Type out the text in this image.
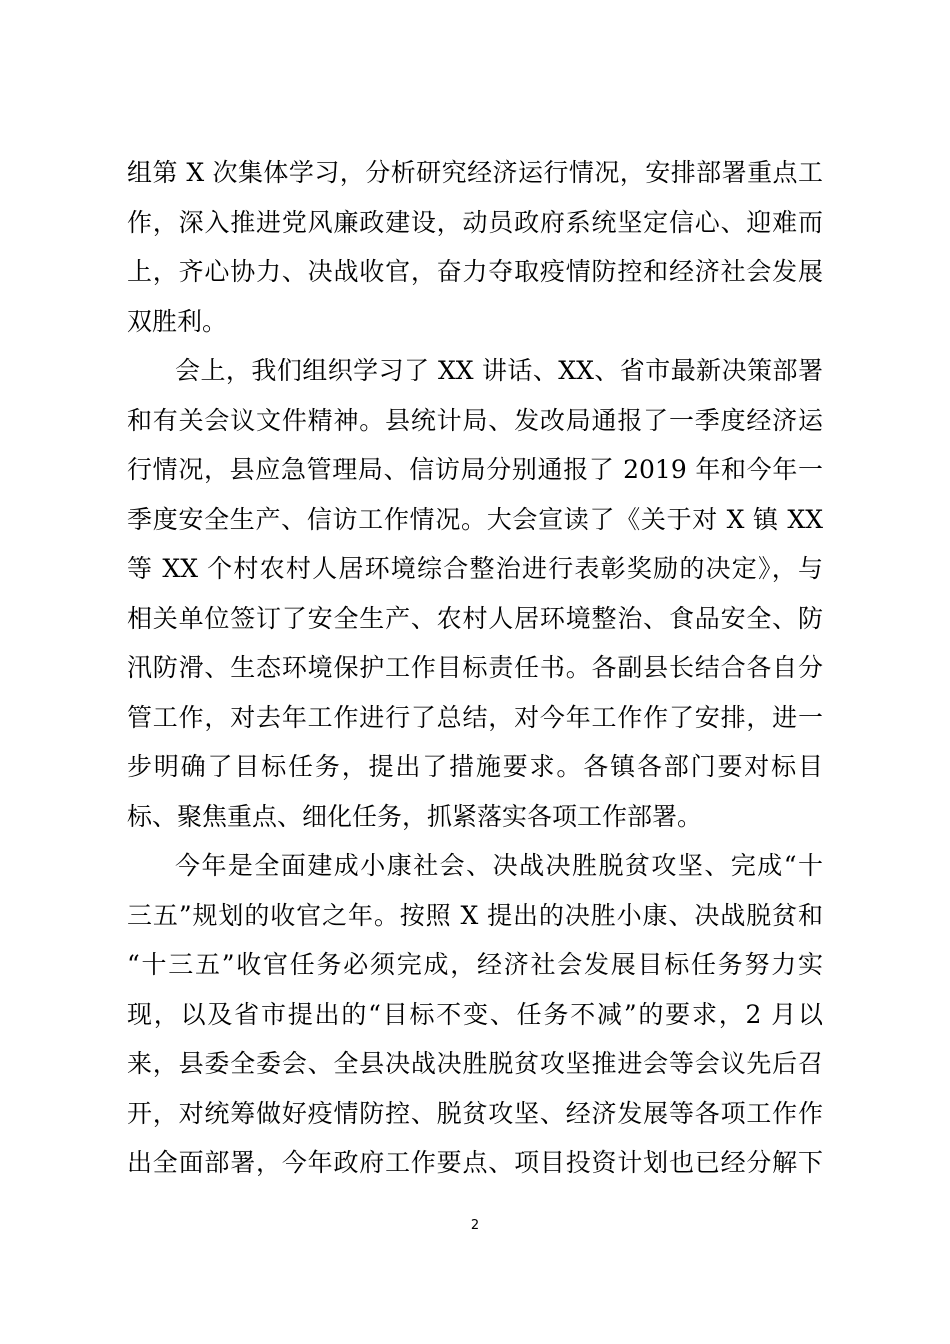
组第 X 次集体学习，分析研究经济运行情况，安排部署重点工
作，深入推进党风廉政建设，动员政府系统坚定信心、迎难而
上，齐心协力、决战收官，奋力夺取疫情防控和经济社会发展
双胜利。
会上，我们组织学习了 XX 讲话、XX、省市最新决策部署
和有关会议文件精神。县统计局、发改局通报了一季度经济运
行情况，县应急管理局、信访局分别通报了 2019 年和今年一
季度安全生产、信访工作情况。大会宣读了《关于对 X 镇 XX
等 XX 个村农村人居环境综合整治进行表彰奖励的决定》，与
相关单位签订了安全生产、农村人居环境整治、食品安全、防
汛防滑、生态环境保护工作目标责任书。各副县长结合各自分
管工作，对去年工作进行了总结，对今年工作作了安排，进一
步明确了目标任务，提出了措施要求。各镇各部门要对标目
标、聚焦重点、细化任务，抓紧落实各项工作部署。
今年是全面建成小康社会、决战决胜脱贫攻坚、完成“十
三五”规划的收官之年。按照 X 提出的决胜小康、决战脱贫和
“十三五”收官任务必须完成，经济社会发展目标任务努力实
现，以及省市提出的“目标不变、任务不减”的要求，2 月以
来，县委全委会、全县决战决胜脱贫攻坚推进会等会议先后召
开，对统筹做好疫情防控、脱贫攻坚、经济发展等各项工作作
出全面部署，今年政府工作要点、项目投资计划也已经分解下
2
